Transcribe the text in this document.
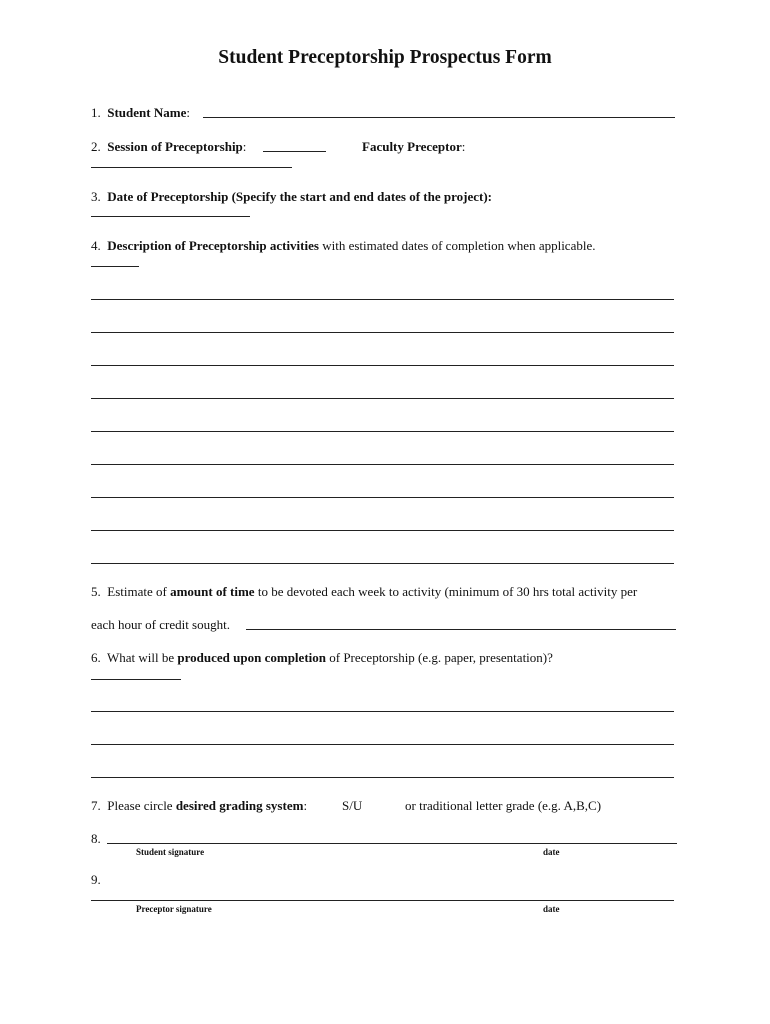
Student Preceptorship Prospectus Form
1. Student Name:
2. Session of Preceptorship:	Faculty Preceptor:
3. Date of Preceptorship (Specify the start and end dates of the project):
4. Description of Preceptorship activities with estimated dates of completion when applicable.
5. Estimate of amount of time to be devoted each week to activity (minimum of 30 hrs total activity per
each hour of credit sought.
6. What will be produced upon completion of Preceptorship (e.g. paper, presentation)?
7. Please circle desired grading system:	S/U	or traditional letter grade (e.g. A,B,C)
8.
Student signature	date
9.
Preceptor signature	date
